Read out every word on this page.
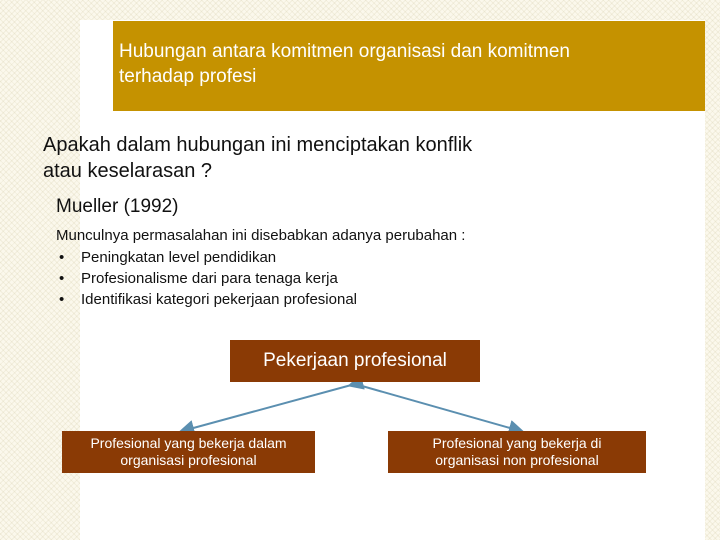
Hubungan antara komitmen organisasi dan komitmen
terhadap profesi
Apakah dalam hubungan ini menciptakan konflik
atau keselarasan ?
Mueller (1992)
Munculnya permasalahan ini disebabkan adanya perubahan :
• Peningkatan level pendidikan
• Profesionalisme dari para tenaga kerja
• Identifikasi kategori pekerjaan profesional
Pekerjaan profesional
Profesional yang bekerja dalam
organisasi profesional
Profesional yang bekerja di
organisasi non profesional
